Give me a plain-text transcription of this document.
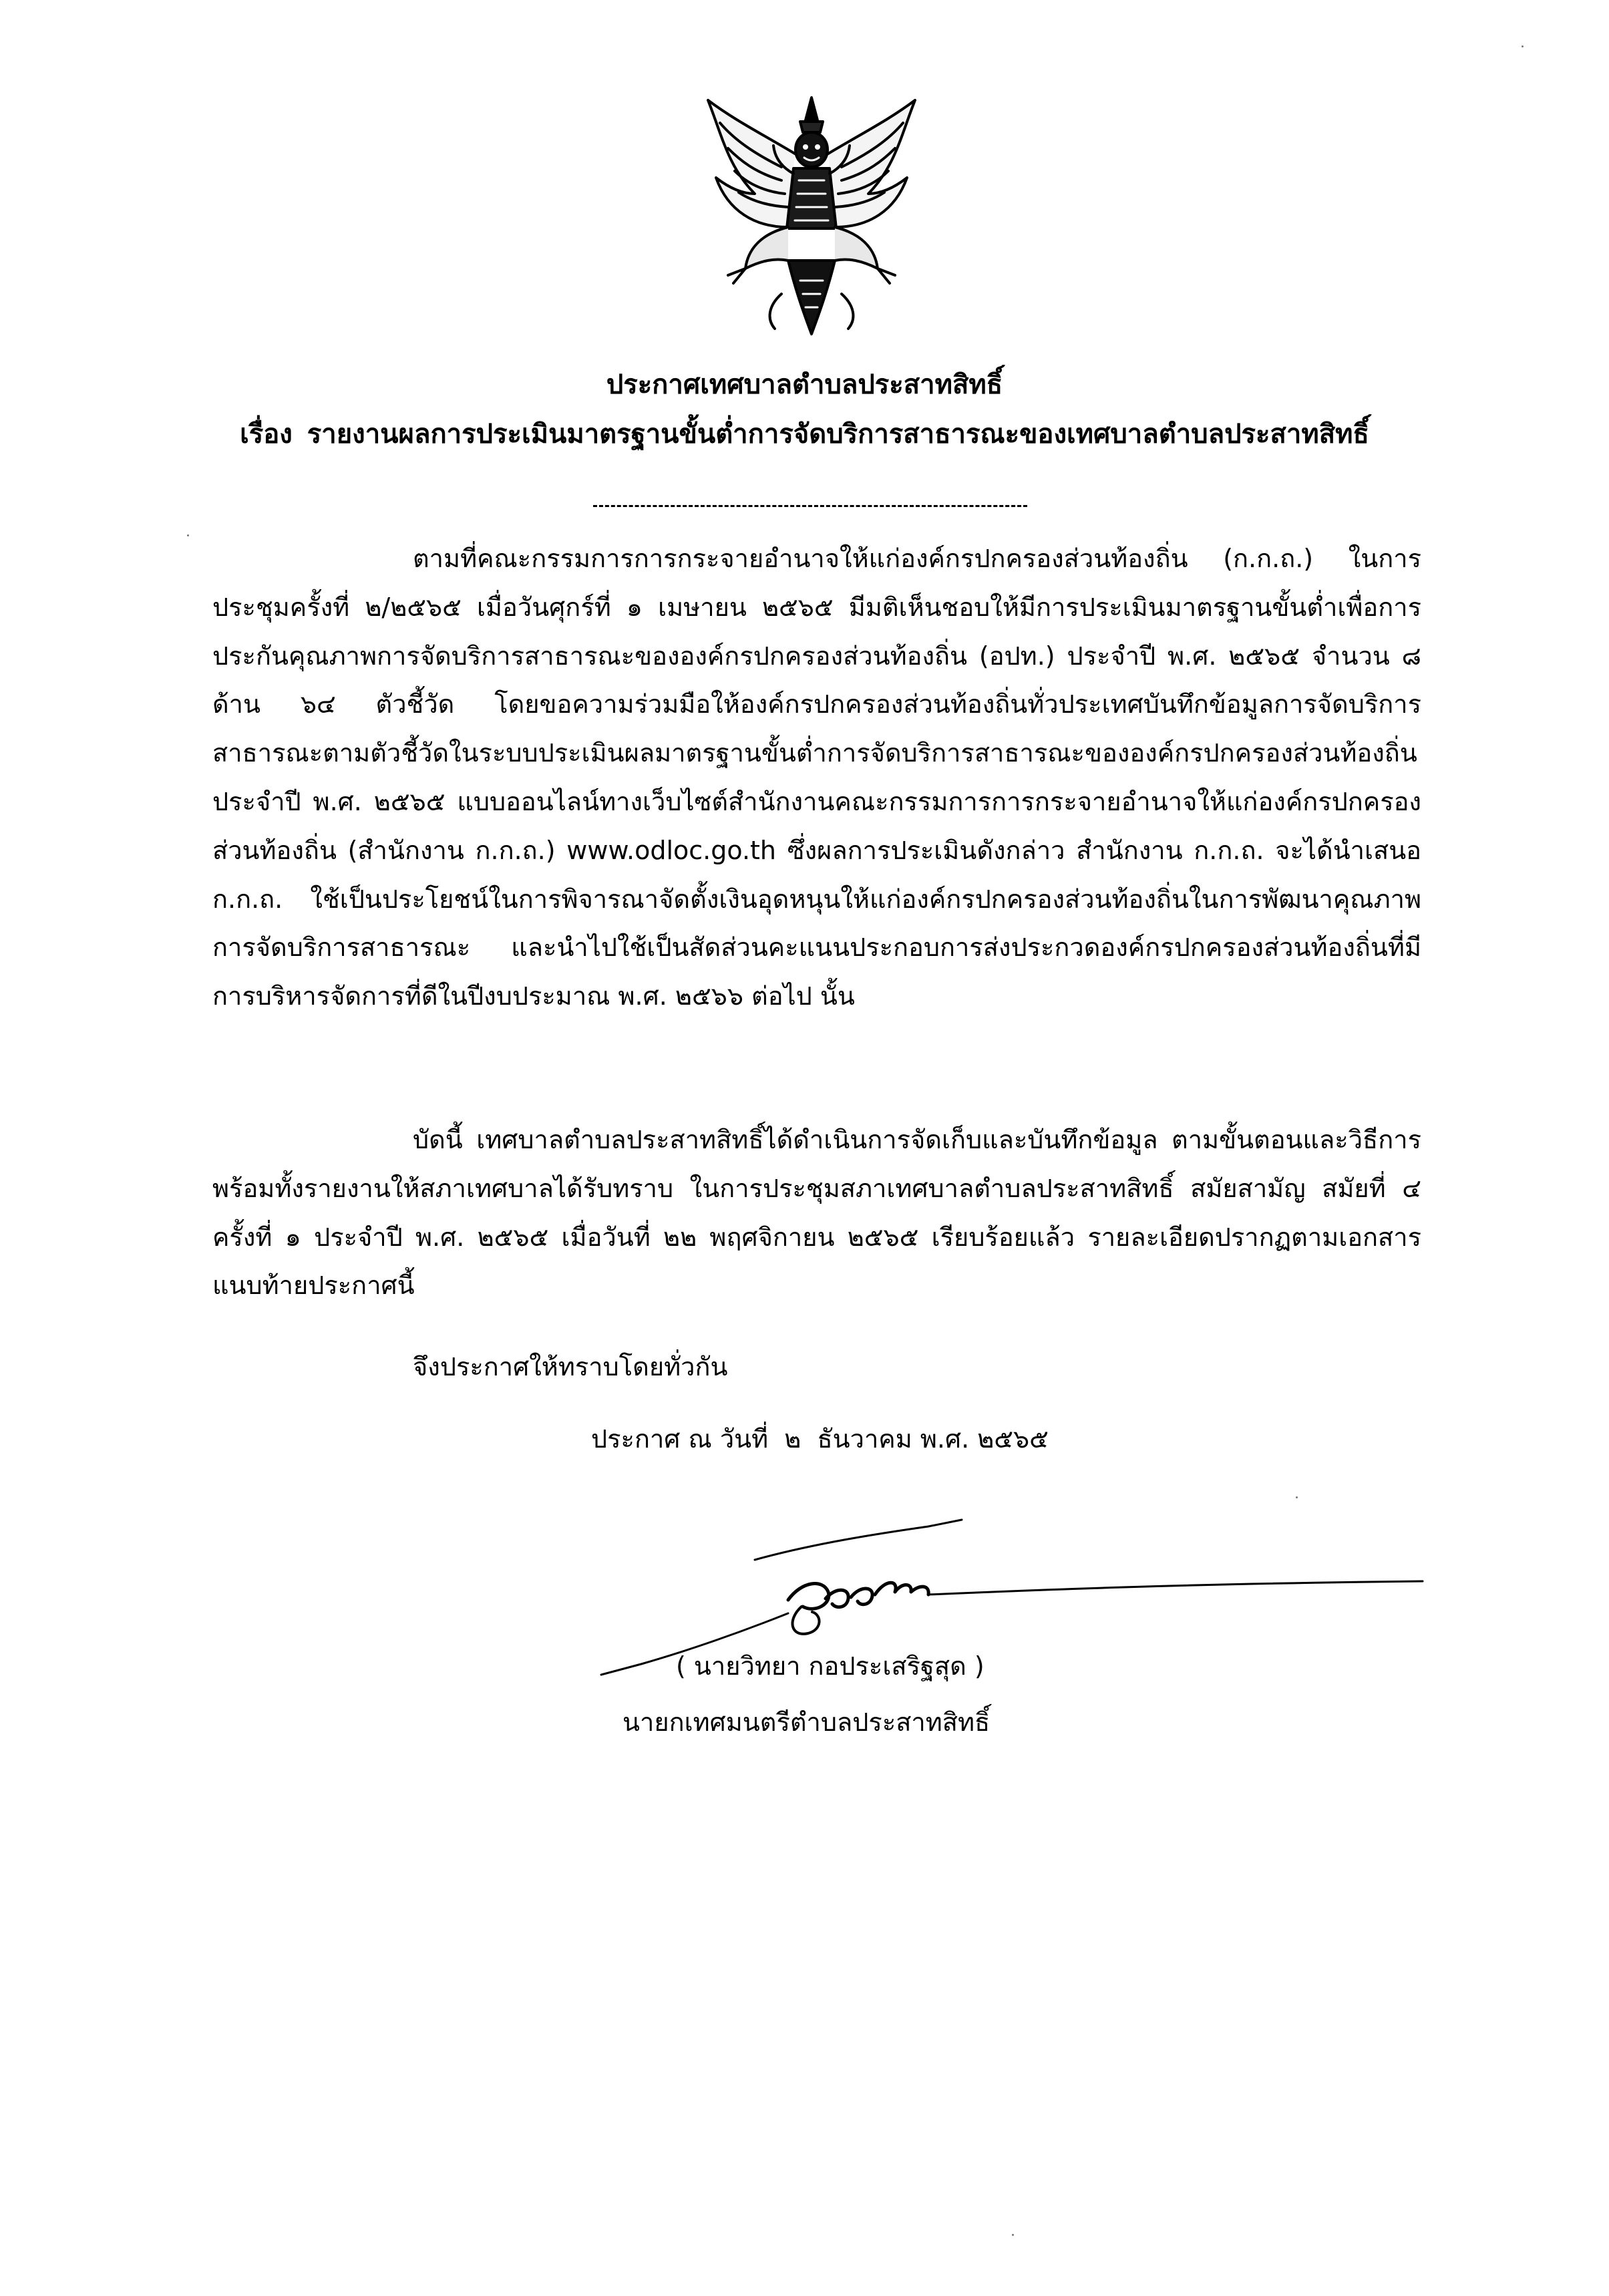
ประกาศเทศบาลตำบลประสาทสิทธิ์
เรื่อง รายงานผลการประเมินมาตรฐานขั้นต่ำการจัดบริการสาธารณะของเทศบาลตำบลประสาทสิทธิ์

ตามที่คณะกรรมการการกระจายอำนาจให้แก่องค์กรปกครองส่วนท้องถิ่น (ก.ก.ถ.) ในการประชุมครั้งที่ ๒/๒๕๖๕ เมื่อวันศุกร์ที่ ๑ เมษายน ๒๕๖๕ มีมติเห็นชอบให้มีการประเมินมาตรฐานขั้นต่ำเพื่อการประกันคุณภาพการจัดบริการสาธารณะขององค์กรปกครองส่วนท้องถิ่น (อปท.) ประจำปี พ.ศ. ๒๕๖๕ จำนวน ๘ ด้าน ๖๔ ตัวชี้วัด โดยขอความร่วมมือให้องค์กรปกครองส่วนท้องถิ่นทั่วประเทศบันทึกข้อมูลการจัดบริการสาธารณะตามตัวชี้วัดในระบบประเมินผลมาตรฐานขั้นต่ำการจัดบริการสาธารณะขององค์กรปกครองส่วนท้องถิ่น ประจำปี พ.ศ. ๒๕๖๕ แบบออนไลน์ทางเว็บไซต์สำนักงานคณะกรรมการการกระจายอำนาจให้แก่องค์กรปกครองส่วนท้องถิ่น (สำนักงาน ก.ก.ถ.) www.odloc.go.th ซึ่งผลการประเมินดังกล่าว สำนักงาน ก.ก.ถ. จะได้นำเสนอ ก.ก.ถ. ใช้เป็นประโยชน์ในการพิจารณาจัดตั้งเงินอุดหนุนให้แก่องค์กรปกครองส่วนท้องถิ่นในการพัฒนาคุณภาพการจัดบริการสาธารณะ และนำไปใช้เป็นสัดส่วนคะแนนประกอบการส่งประกวดองค์กรปกครองส่วนท้องถิ่นที่มีการบริหารจัดการที่ดีในปีงบประมาณ พ.ศ. ๒๕๖๖ ต่อไป นั้น

บัดนี้ เทศบาลตำบลประสาทสิทธิ์ได้ดำเนินการจัดเก็บและบันทึกข้อมูล ตามขั้นตอนและวิธีการพร้อมทั้งรายงานให้สภาเทศบาลได้รับทราบ ในการประชุมสภาเทศบาลตำบลประสาทสิทธิ์ สมัยสามัญ สมัยที่ ๔ ครั้งที่ ๑ ประจำปี พ.ศ. ๒๕๖๕ เมื่อวันที่ ๒๒ พฤศจิกายน ๒๕๖๕ เรียบร้อยแล้ว รายละเอียดปรากฏตามเอกสารแนบท้ายประกาศนี้

จึงประกาศให้ทราบโดยทั่วกัน
ประกาศ ณ วันที่ ๒ ธันวาคม พ.ศ. ๒๕๖๕
( นายวิทยา กอประเสริฐสุด )
นายกเทศมนตรีตำบลประสาทสิทธิ์
